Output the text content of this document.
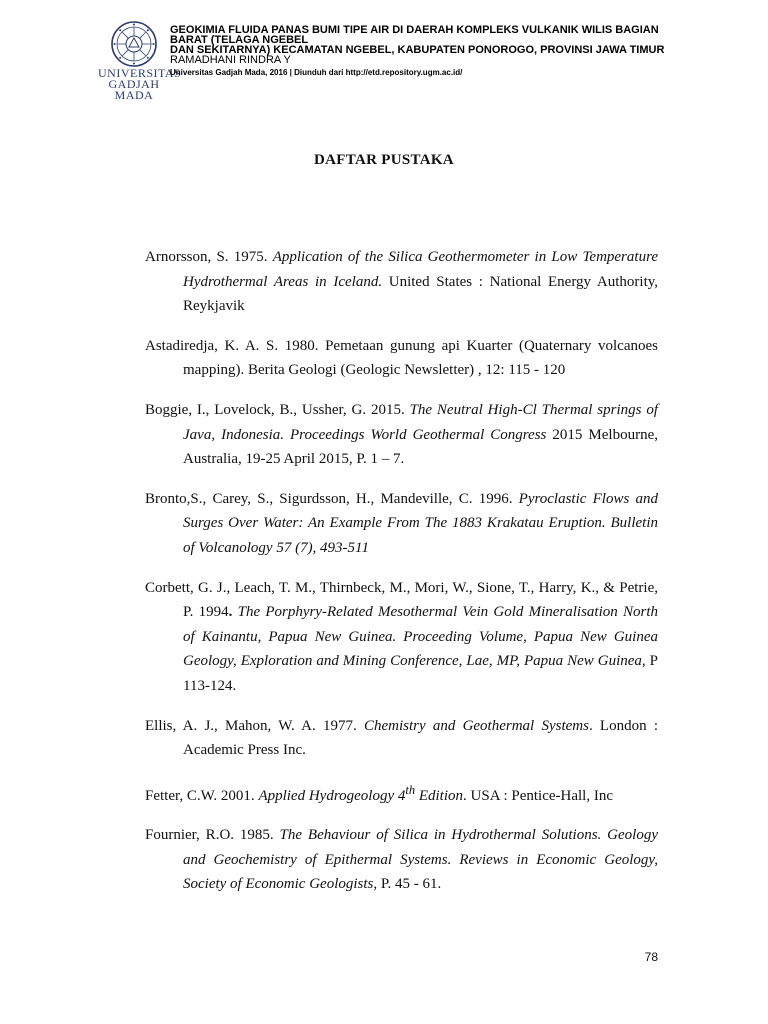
UNIVERSITAS
GADJAH MADA
GEOKIMIA FLUIDA PANAS BUMI TIPE AIR DI DAERAH KOMPLEKS VULKANIK WILIS BAGIAN
BARAT (TELAGA NGEBEL
DAN SEKITARNYA) KECAMATAN NGEBEL, KABUPATEN PONOROGO, PROVINSI JAWA TIMUR
RAMADHANI RINDRA Y
Universitas Gadjah Mada, 2016 | Diunduh dari http://etd.repository.ugm.ac.id/
DAFTAR PUSTAKA

Arnorsson, S. 1975. Application of the Silica Geothermometer in Low Temperature Hydrothermal Areas in Iceland. United States : National Energy Authority, Reykjavik

Astadiredja, K. A. S. 1980. Pemetaan gunung api Kuarter (Quaternary volcanoes mapping). Berita Geologi (Geologic Newsletter) , 12: 115 - 120

Boggie, I., Lovelock, B., Ussher, G. 2015. The Neutral High-Cl Thermal springs of Java, Indonesia. Proceedings World Geothermal Congress 2015 Melbourne, Australia, 19-25 April 2015, P. 1 – 7.

Bronto,S., Carey, S., Sigurdsson, H., Mandeville, C. 1996. Pyroclastic Flows and Surges Over Water: An Example From The 1883 Krakatau Eruption. Bulletin of Volcanology 57 (7), 493-511

Corbett, G. J., Leach, T. M., Thirnbeck, M., Mori, W., Sione, T., Harry, K., & Petrie, P. 1994. The Porphyry-Related Mesothermal Vein Gold Mineralisation North of Kainantu, Papua New Guinea. Proceeding Volume, Papua New Guinea Geology, Exploration and Mining Conference, Lae, MP, Papua New Guinea, P 113-124.

Ellis, A. J., Mahon, W. A. 1977. Chemistry and Geothermal Systems. London : Academic Press Inc.

Fetter, C.W. 2001. Applied Hydrogeology 4th Edition. USA : Pentice-Hall, Inc

Fournier, R.O. 1985. The Behaviour of Silica in Hydrothermal Solutions. Geology and Geochemistry of Epithermal Systems. Reviews in Economic Geology, Society of Economic Geologists, P. 45 - 61.

78
